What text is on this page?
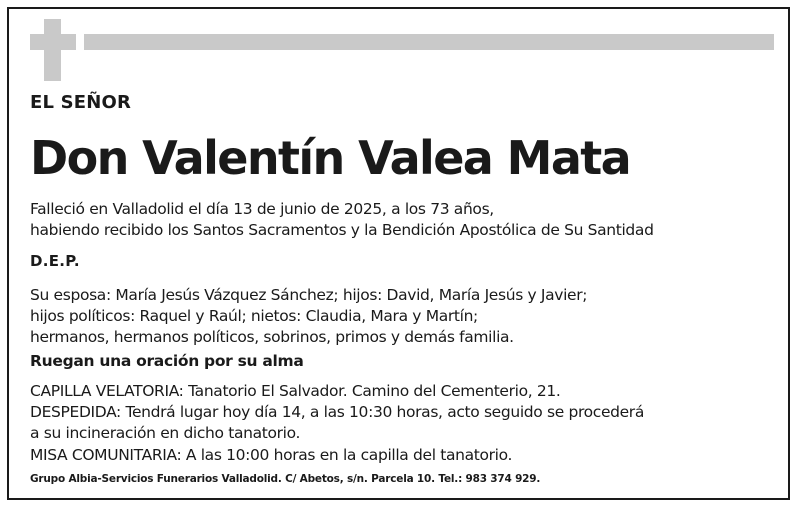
EL SEÑOR
Don Valentín Valea Mata
Falleció en Valladolid el día 13 de junio de 2025, a los 73 años,
habiendo recibido los Santos Sacramentos y la Bendición Apostólica de Su Santidad
D.E.P.
Su esposa: María Jesús Vázquez Sánchez; hijos: David, María Jesús y Javier;
hijos políticos: Raquel y Raúl; nietos: Claudia, Mara y Martín;
hermanos, hermanos políticos, sobrinos, primos y demás familia.
Ruegan una oración por su alma
CAPILLA VELATORIA: Tanatorio El Salvador. Camino del Cementerio, 21.
DESPEDIDA: Tendrá lugar hoy día 14, a las 10:30 horas, acto seguido se procederá
a su incineración en dicho tanatorio.
MISA COMUNITARIA: A las 10:00 horas en la capilla del tanatorio.
Grupo Albia-Servicios Funerarios Valladolid. C/ Abetos, s/n. Parcela 10. Tel.: 983 374 929.
